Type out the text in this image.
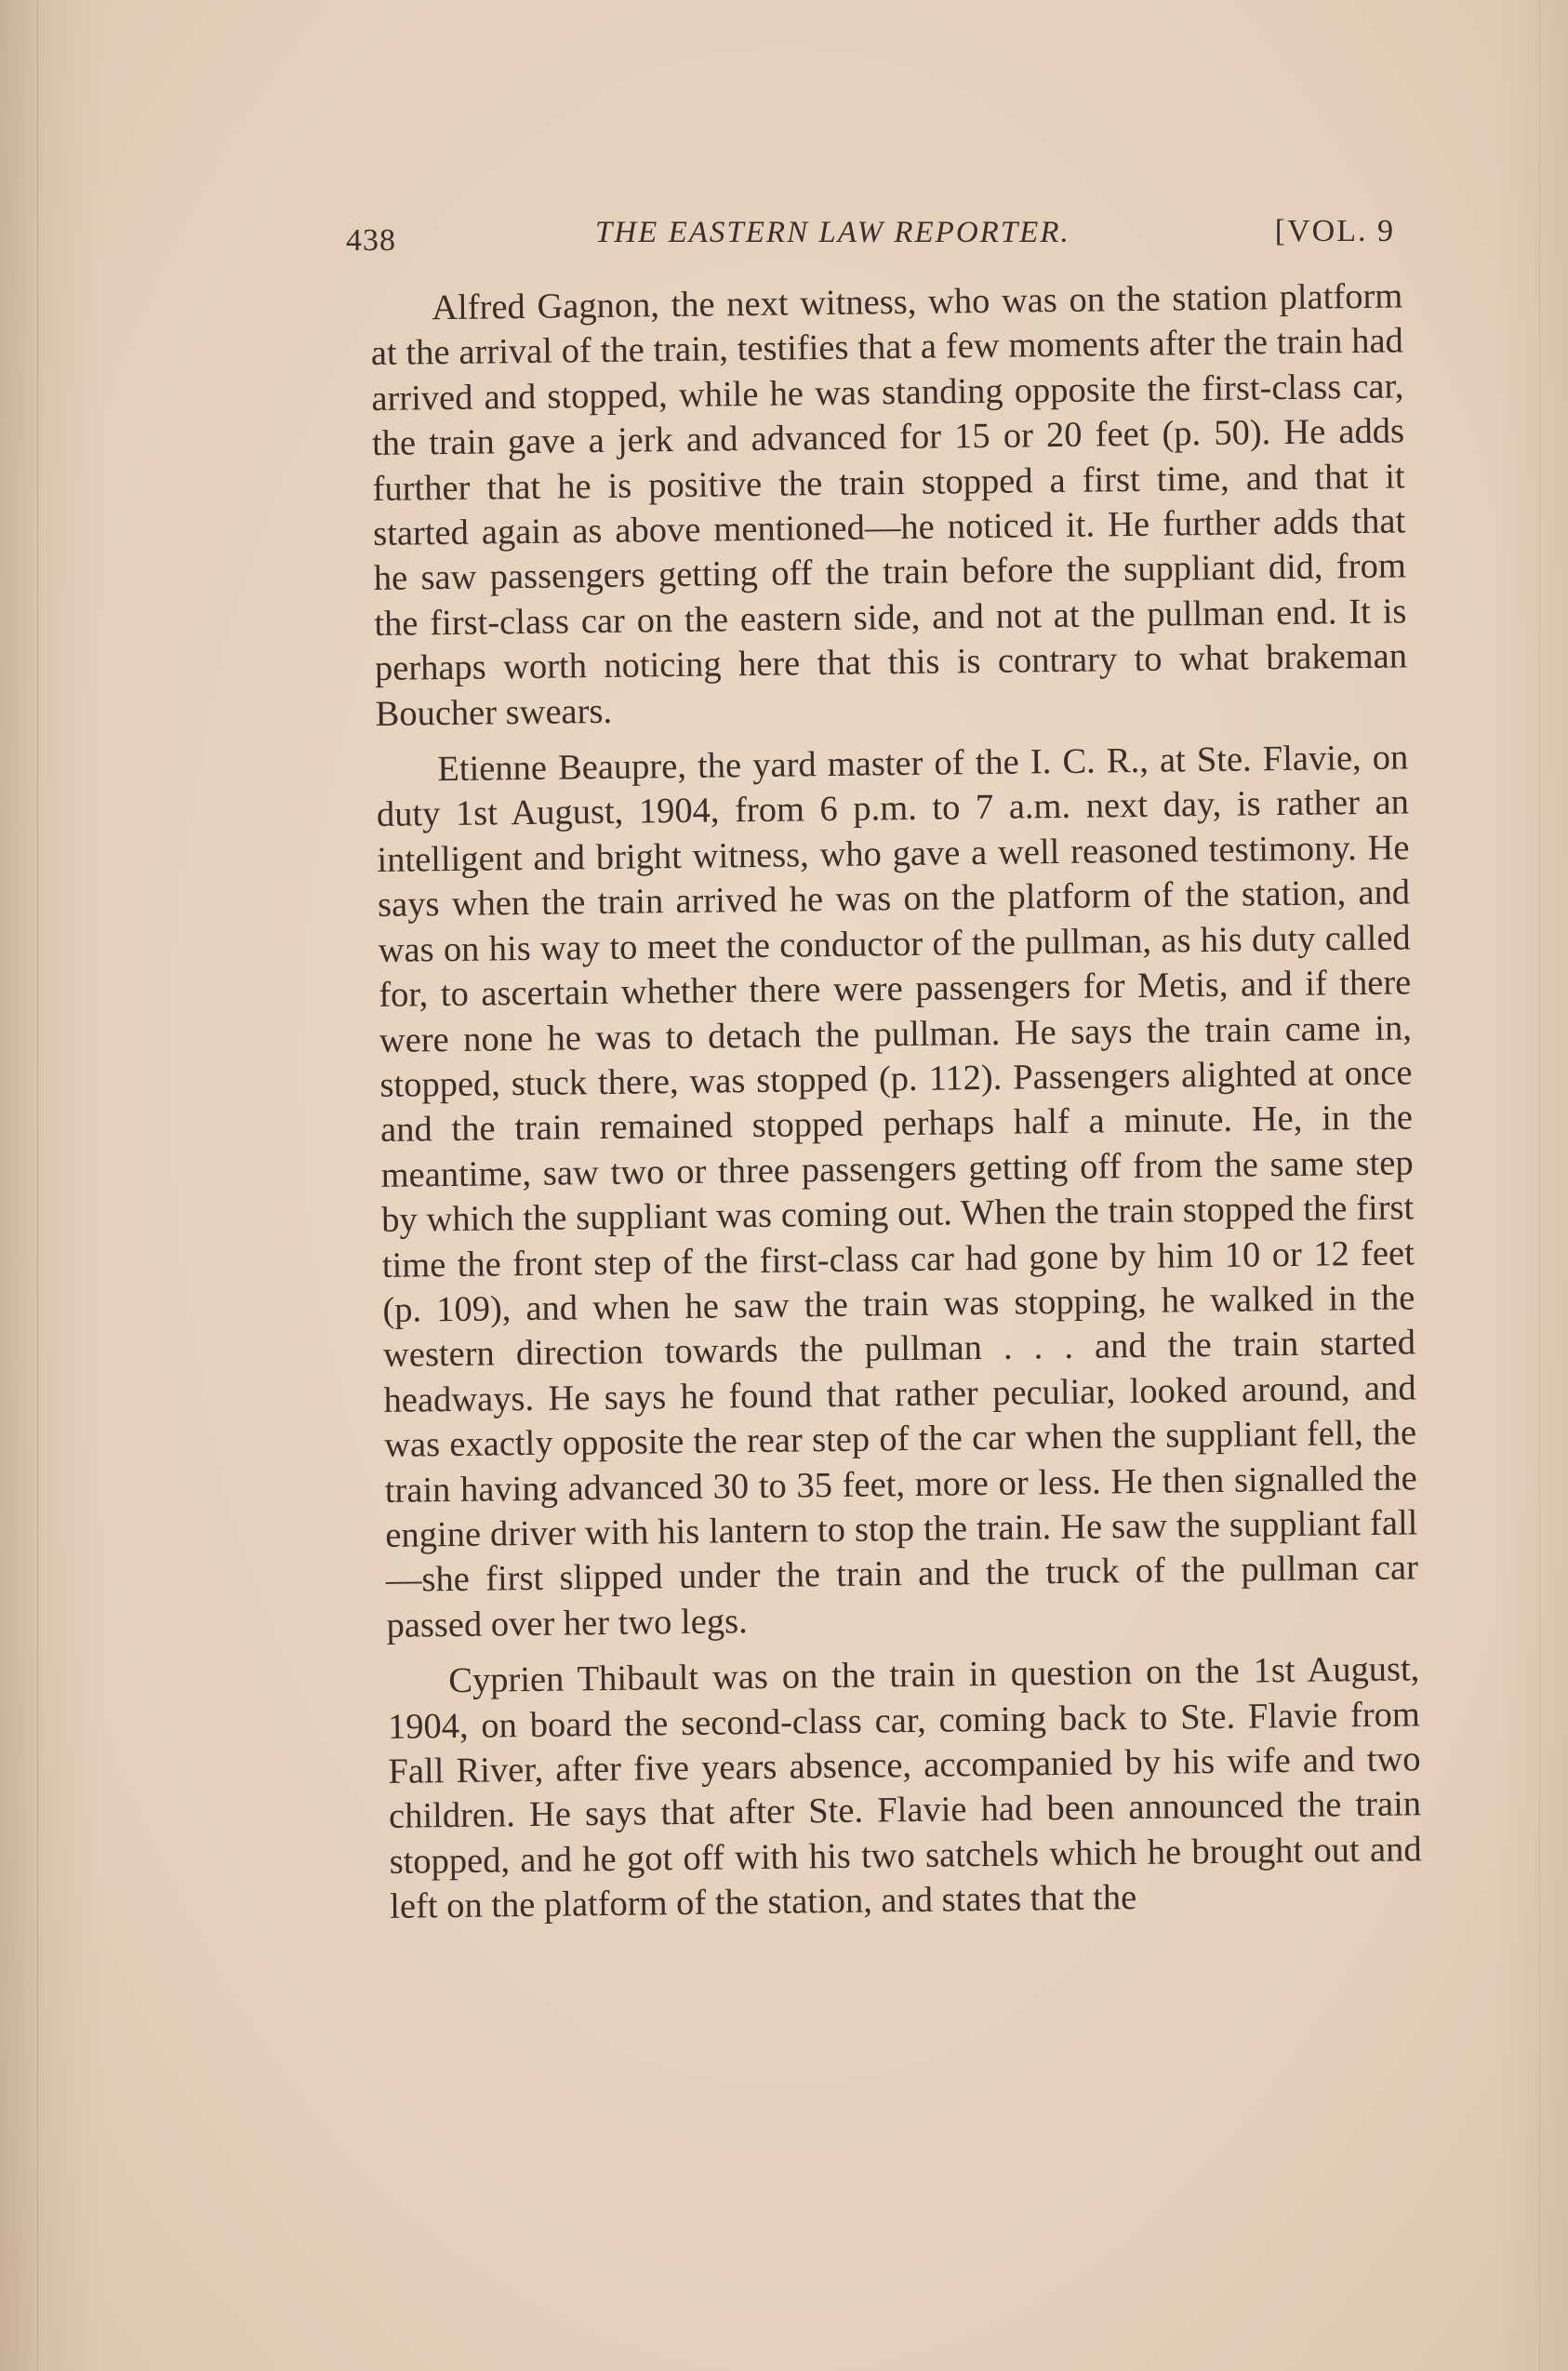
438	THE EASTERN LAW REPORTER.	[VOL. 9

Alfred Gagnon, the next witness, who was on the station platform at the arrival of the train, testifies that a few moments after the train had arrived and stopped, while he was standing opposite the first-class car, the train gave a jerk and advanced for 15 or 20 feet (p. 50). He adds further that he is positive the train stopped a first time, and that it started again as above mentioned—he noticed it. He further adds that he saw passengers getting off the train before the suppliant did, from the first-class car on the eastern side, and not at the pullman end. It is perhaps worth noticing here that this is contrary to what brakeman Boucher swears.

Etienne Beaupre, the yard master of the I. C. R., at Ste. Flavie, on duty 1st August, 1904, from 6 p.m. to 7 a.m. next day, is rather an intelligent and bright witness, who gave a well reasoned testimony. He says when the train arrived he was on the platform of the station, and was on his way to meet the conductor of the pullman, as his duty called for, to ascertain whether there were passengers for Metis, and if there were none he was to detach the pullman. He says the train came in, stopped, stuck there, was stopped (p. 112). Passengers alighted at once and the train remained stopped perhaps half a minute. He, in the meantime, saw two or three passengers getting off from the same step by which the suppliant was coming out. When the train stopped the first time the front step of the first-class car had gone by him 10 or 12 feet (p. 109), and when he saw the train was stopping, he walked in the western direction towards the pullman . . . and the train started headways. He says he found that rather peculiar, looked around, and was exactly opposite the rear step of the car when the suppliant fell, the train having advanced 30 to 35 feet, more or less. He then signalled the engine driver with his lantern to stop the train. He saw the suppliant fall—she first slipped under the train and the truck of the pullman car passed over her two legs.

Cyprien Thibault was on the train in question on the 1st August, 1904, on board the second-class car, coming back to Ste. Flavie from Fall River, after five years absence, accompanied by his wife and two children. He says that after Ste. Flavie had been announced the train stopped, and he got off with his two satchels which he brought out and left on the platform of the station, and states that the
